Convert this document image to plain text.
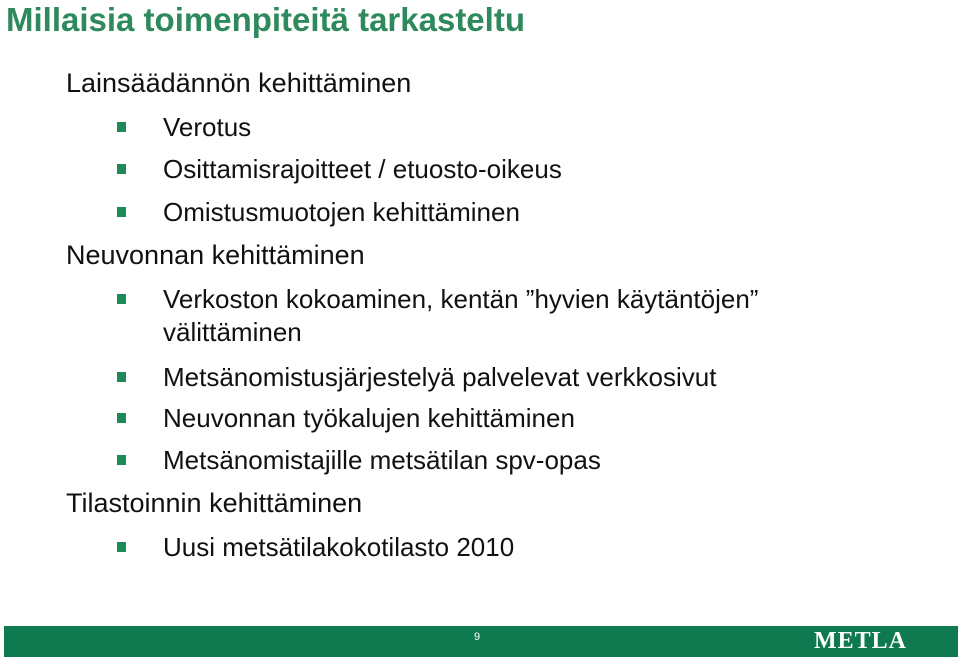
Millaisia toimenpiteitä tarkasteltu
Lainsäädännön kehittäminen
Verotus
Osittamisrajoitteet / etuosto-oikeus
Omistusmuotojen kehittäminen
Neuvonnan kehittäminen
Verkoston kokoaminen, kentän ”hyvien käytäntöjen”
välittäminen
Metsänomistusjärjestelyä palvelevat verkkosivut
Neuvonnan työkalujen kehittäminen
Metsänomistajille metsätilan spv-opas
Tilastoinnin kehittäminen
Uusi metsätilakokotilasto 2010
9	METLA
